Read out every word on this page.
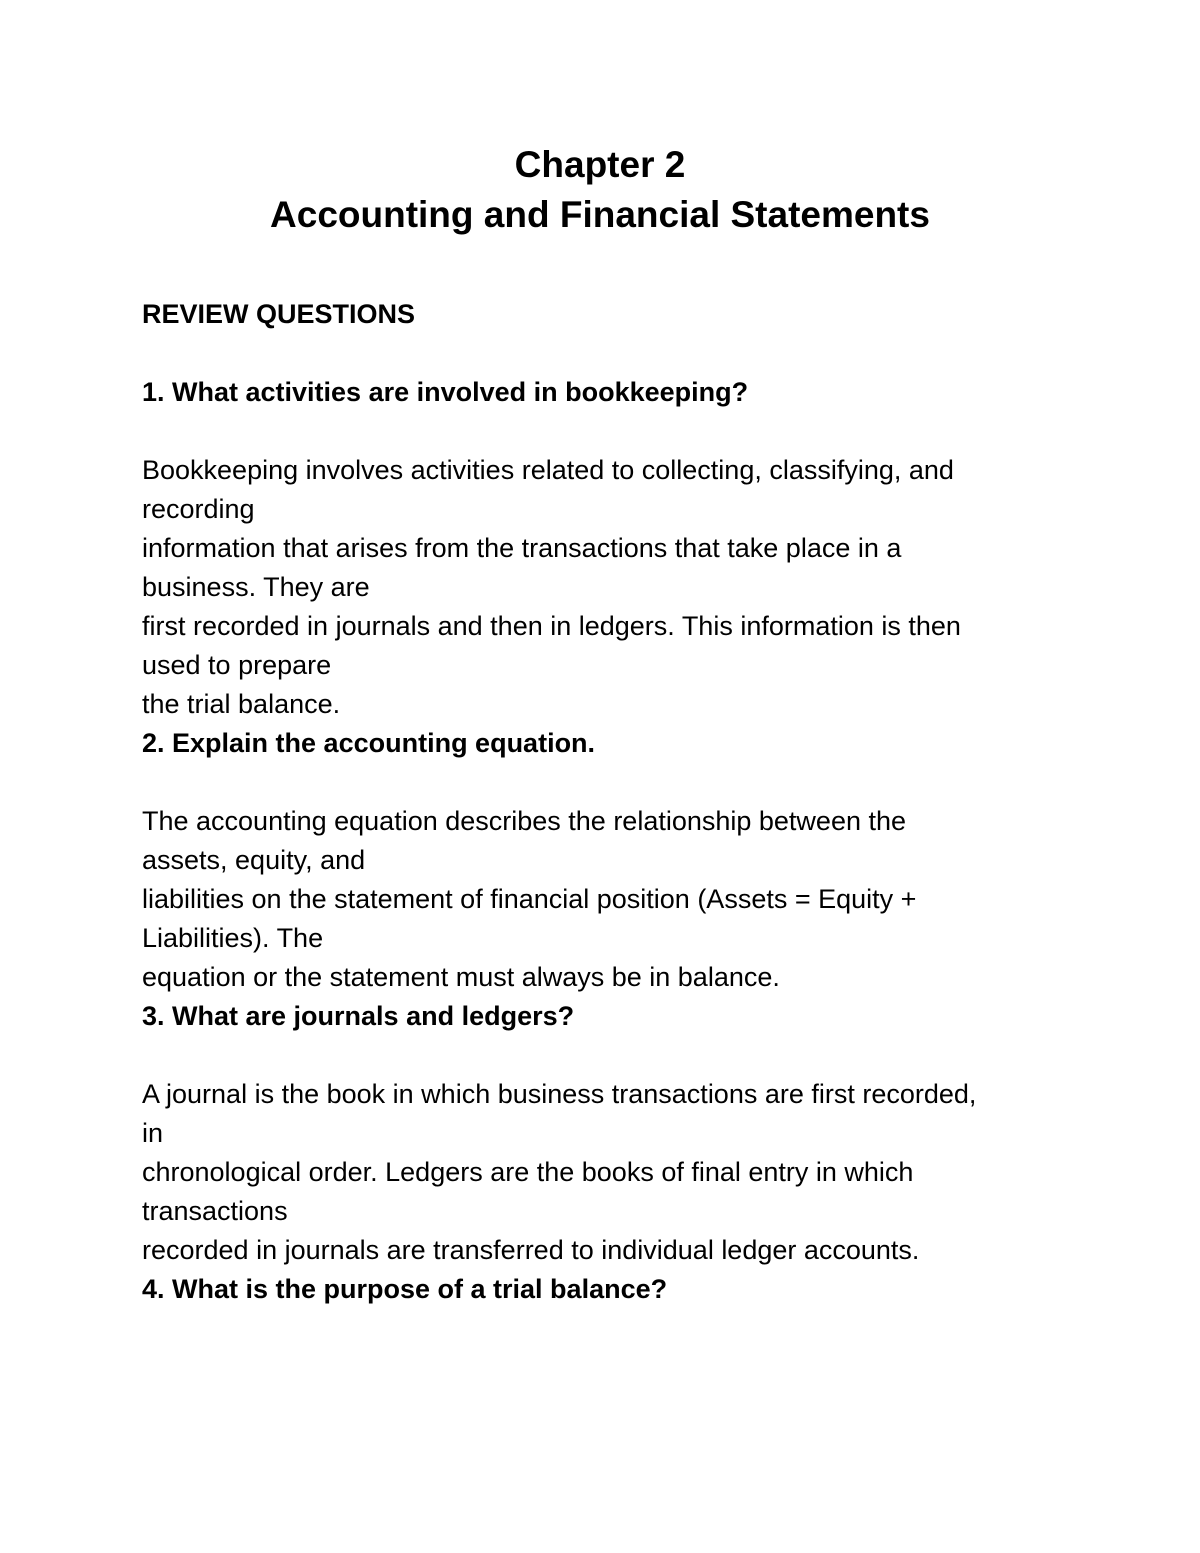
Chapter 2
Accounting and Financial Statements
REVIEW QUESTIONS
1. What activities are involved in bookkeeping?
Bookkeeping involves activities related to collecting, classifying, and
recording
information that arises from the transactions that take place in a
business. They are
first recorded in journals and then in ledgers. This information is then
used to prepare
the trial balance.
2. Explain the accounting equation.
The accounting equation describes the relationship between the
assets, equity, and
liabilities on the statement of financial position (Assets = Equity +
Liabilities). The
equation or the statement must always be in balance.
3. What are journals and ledgers?
A journal is the book in which business transactions are first recorded,
in
chronological order. Ledgers are the books of final entry in which
transactions
recorded in journals are transferred to individual ledger accounts.
4. What is the purpose of a trial balance?
